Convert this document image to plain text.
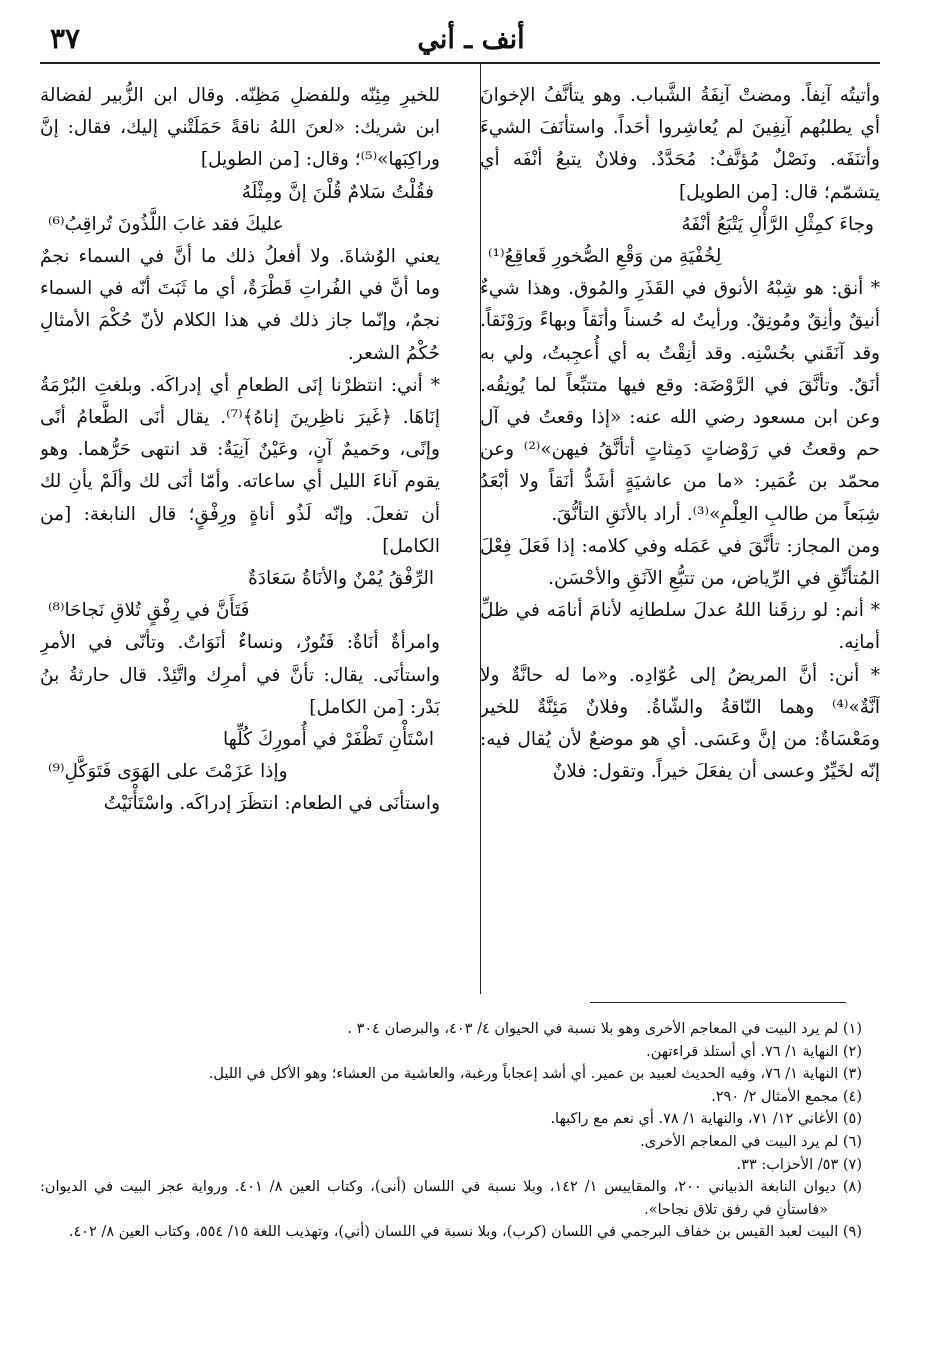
أنف ـ أني
٣٧

وأتيتُه آنِفاً. ومضتْ آنِفَةُ الشَّباب. وهو يتأنَّفُ الإخوانَ أي يطلبُهم آنِفِينَ لم يُعاشِروا أحَداً. واستأنَفَ الشيءَ وأتنَفَه. ونَصْلٌ مُؤنَّفٌ: مُحَدَّدٌ. وفلانٌ يتبعُ أنْفَه أي يتشمّم؛ قال: [من الطويل]

وجاءَ كمِثْلِ الرَّأْلِ يَتْبَعُ أنْفَهُ
لِخُفْيَةِ من وَقْعِ الصُّخورِ قَعاقِعُ⁽¹⁾

* أنق: هو شِبْهُ الأنوق في القَذَرِ والمُوق. وهذا شيءٌ أنيقٌ وأنِقٌ ومُونِقٌ. ورأيتُ له حُسناً وأنَقاً وبهاءً ورَوْنَقاً. وقد آنَقَني بحُسْنِه. وقد أنِقْتُ به أي أُعجِبتُ، ولي به أنَقٌ. وتأنَّقَ في الرَّوْضَة: وقع فيها متتبِّعاً لما يُونِقُه. وعن ابن مسعود رضي الله عنه: «إذا وقعتُ في آل حم وقعتُ في رَوْضاتٍ دَمِثاتٍ أتأنَّقُ فيهن»⁽²⁾ وعن محمّد بن عُمَير: «ما من عاشيَةٍ أشَدُّ أنَقاً ولا أبْعَدُ شِبَعاً من طالبِ العِلْمِ»⁽³⁾. أراد بالأنَقِ التأنُّقَ.

ومن المجاز: تأنَّقَ في عَمَله وفي كلامه: إذا فَعَلَ فِعْلَ المُتأنِّقِ في الرِّياض، من تتبُّعِ الآنَقِ والأحْسَن.

* أنم: لو رزقَنا اللهُ عدلَ سلطانِه لأنامَ أنامَه في ظلِّ أمانِه.

* أنن: أنَّ المريضُ إلى عُوّادِه. و«ما له حانَّةٌ ولا آنَّةٌ»⁽⁴⁾ وهما النّاقةُ والشّاةُ. وفلانٌ مَئِنَّةٌ للخير ومَعْسَاةٌ: من إنَّ وعَسَى. أي هو موضعٌ لأن يُقال فيه: إنّه لخَيِّرٌ وعسى أن يفعَلَ خيراً. وتقول: فلانٌ

للخيرِ مِئِنّه وللفضلِ مَظِنّه. وقال ابن الزُّبير لفضالة ابن شريك: «لعنَ اللهُ ناقةً حَمَلَتْني إليك، فقال: إنَّ وراكِبَها»⁽⁵⁾؛ وقال: [من الطويل]

فقُلْتُ سَلامٌ قُلْنَ إنَّ ومِثْلَهُ
عليكَ فقد غابَ اللَّذُونَ تُراقِبُ⁽⁶⁾

يعني الوُشاةَ. ولا أفعلُ ذلك ما أنَّ في السماء نجمٌ وما أنَّ في الفُراتِ قَطْرَةٌ، أي ما ثَبَتَ أنّه في السماء نجمٌ، وإنّما جاز ذلك في هذا الكلام لأنّ حُكْمَ الأمثالِ حُكْمُ الشعر.

* أني: انتظرْنا إنَى الطعامِ أي إدراكَه. وبلغتِ البُرْمَةُ إنَاهَا. ﴿غَيرَ ناظِرينَ إناهُ﴾⁽⁷⁾. يقال أنَى الطَّعامُ أنًى وإنًى، وحَميمٌ آنٍ، وعَيْنٌ آنِيَةٌ: قد انتهى حَرُّهما. وهو يقوم آناءَ الليل أي ساعاته. وأمّا أنَى لك وألَمْ يأنِ لك أن تفعلَ. وإنّه لَذُو أناةٍ ورِفْقٍ؛ قال النابغة: [من الكامل]

الرِّفْقُ يُمْنٌ والأنَاةُ سَعَادَةٌ
فَتَأَنَّ في رِفْقٍ تُلاقِ نَجاحَا⁽⁸⁾

وامرأةٌ أنَاةٌ: فَتُورٌ، ونساءٌ أنَوَاتٌ. وتأنّى في الأمرِ واستأنَى. يقال: تأنَّ في أمرِك واتَّئِدْ. قال حارثةُ بنُ بَدْر: [من الكامل]

اسْتَأْنِ تَظْفَرْ في أُمورِكَ كُلِّها
وإذا عَزَمْتَ على الهَوَى فَتَوَكَّلِ⁽⁹⁾

واستأنَى في الطعام: انتظَرَ إدراكَه. واسْتَأْنَيْتُ

(١) لم يرد البيت في المعاجم الأخرى وهو بلا نسبة في الحيوان ٤/ ٤٠٣، والبرصان ٣٠٤ .
(٢) النهاية ١/ ٧٦. أي أستلذ قراءتهن.
(٣) النهاية ١/ ٧٦، وفيه الحديث لعبيد بن عمير. أي أشد إعجاباً ورغبة، والعاشية من العشاء؛ وهو الأكل في الليل.
(٤) مجمع الأمثال ٢/ ٢٩٠.
(٥) الأغاني ١٢/ ٧١، والنهاية ١/ ٧٨. أي نعم مع راكبها.
(٦) لم يرد البيت في المعاجم الأخرى.
(٧) ٥٣/ الأحزاب: ٣٣.
(٨) ديوان النابغة الذبياني ٢٠٠، والمقاييس ١/ ١٤٢، وبلا نسبة في اللسان (أنى)، وكتاب العين ٨/ ٤٠١. ورواية عجز البيت في الديوان: «فاستأنِ في رفق تلاق نجاحا».
(٩) البيت لعبد القيس بن خفاف البرجمي في اللسان (كرب)، وبلا نسبة في اللسان (أني)، وتهذيب اللغة ١٥/ ٥٥٤، وكتاب العين ٨/ ٤٠٢.
